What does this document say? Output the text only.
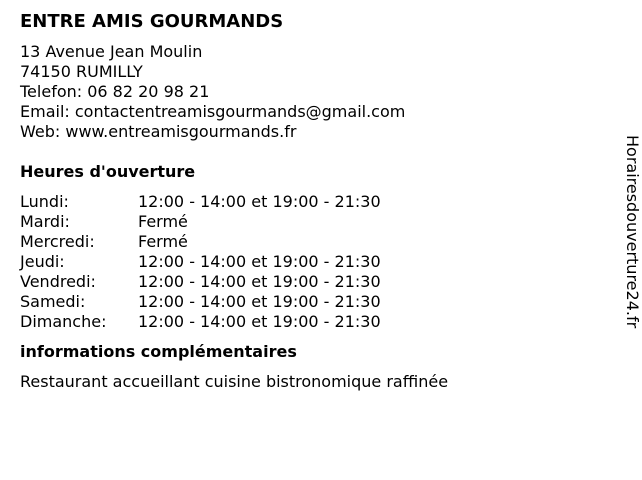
ENTRE AMIS GOURMANDS
13 Avenue Jean Moulin
74150 RUMILLY
Telefon: 06 82 20 98 21
Email: contactentreamisgourmands@gmail.com
Web: www.entreamisgourmands.fr
Heures d'ouverture
Lundi:	12:00 - 14:00 et 19:00 - 21:30
Mardi:	Fermé
Mercredi:	Fermé
Jeudi:	12:00 - 14:00 et 19:00 - 21:30
Vendredi:	12:00 - 14:00 et 19:00 - 21:30
Samedi:	12:00 - 14:00 et 19:00 - 21:30
Dimanche:	12:00 - 14:00 et 19:00 - 21:30
informations complémentaires
Restaurant accueillant cuisine bistronomique raffinée
Horairesdouverture24.fr
